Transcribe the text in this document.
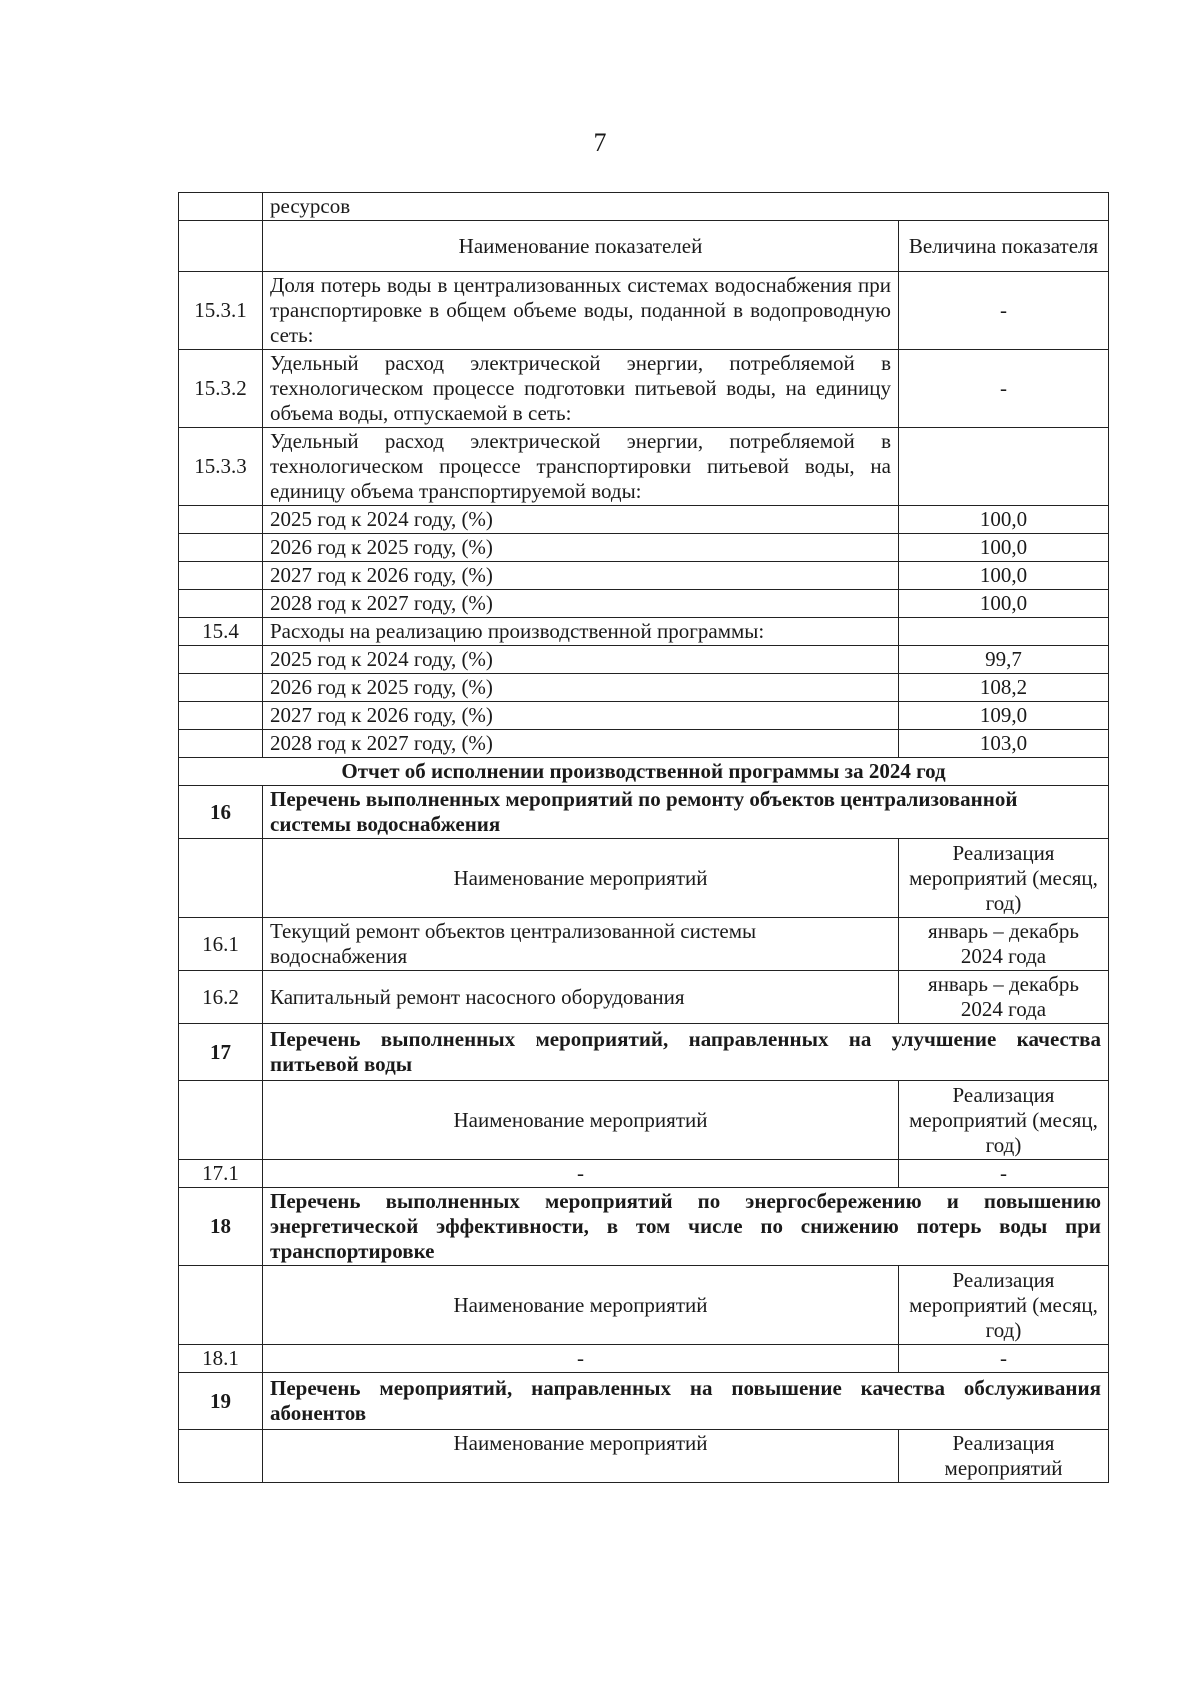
7
	ресурсов	
	Наименование показателей	Величина показателя
15.3.1	Доля потерь воды в централизованных системах водоснабжения при транспортировке в общем объеме воды, поданной в водопроводную сеть:	-
15.3.2	Удельный расход электрической энергии, потребляемой в технологическом процессе подготовки питьевой воды, на единицу объема воды, отпускаемой в сеть:	-
15.3.3	Удельный расход электрической энергии, потребляемой в технологическом процессе транспортировки питьевой воды, на единицу объема транспортируемой воды:	
	2025 год к 2024 году, (%)	100,0
	2026 год к 2025 году, (%)	100,0
	2027 год к 2026 году, (%)	100,0
	2028 год к 2027 году, (%)	100,0
15.4	Расходы на реализацию производственной программы:	
	2025 год к 2024 году, (%)	99,7
	2026 год к 2025 году, (%)	108,2
	2027 год к 2026 году, (%)	109,0
	2028 год к 2027 году, (%)	103,0
Отчет об исполнении производственной программы за 2024 год		
16	Перечень выполненных мероприятий по ремонту объектов централизованной системы водоснабжения	
	Наименование мероприятий	Реализация мероприятий (месяц, год)
16.1	Текущий ремонт объектов централизованной системы водоснабжения	январь – декабрь 2024 года
16.2	Капитальный ремонт насосного оборудования	январь – декабрь 2024 года
17	Перечень выполненных мероприятий, направленных на улучшение качества питьевой воды	
	Наименование мероприятий	Реализация мероприятий (месяц, год)
17.1	-	-
18	Перечень выполненных мероприятий по энергосбережению и повышению энергетической эффективности, в том числе по снижению потерь воды при транспортировке	
	Наименование мероприятий	Реализация мероприятий (месяц, год)
18.1	-	-
19	Перечень мероприятий, направленных на повышение качества обслуживания абонентов	
	Наименование мероприятий	Реализация мероприятий
